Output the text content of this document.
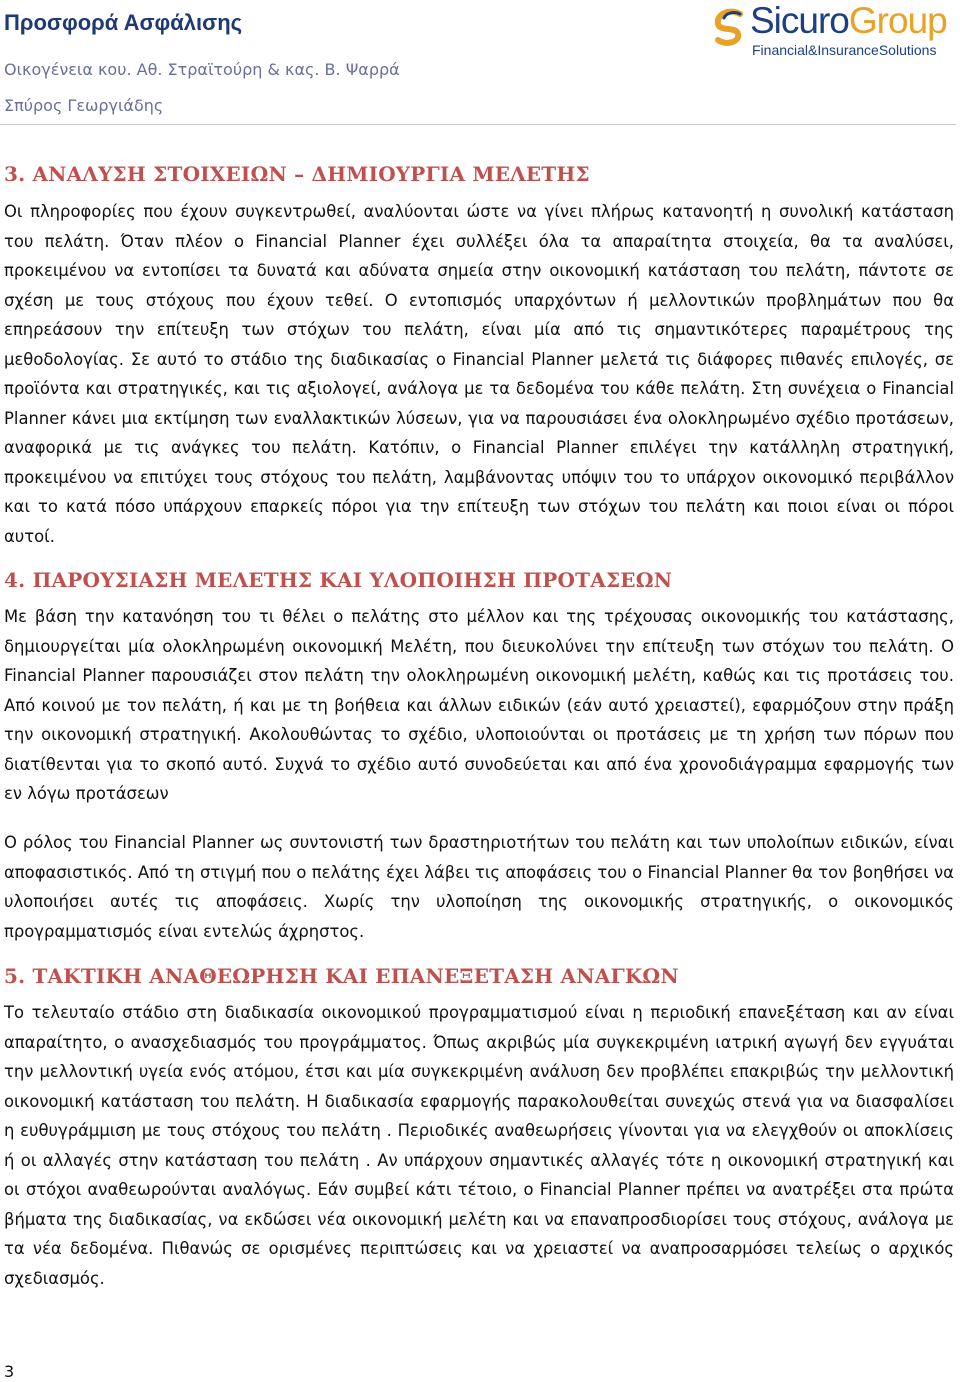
Προσφορά Ασφάλισης
Οικογένεια κου. Αθ. Στραϊτούρη & κας. Β. Ψαρρά
Σπύρος Γεωργιάδης
SicuroGroup
Financial&InsuranceSolutions
3. ΑΝΑΛΥΣΗ ΣΤΟΙΧΕΙΩΝ – ΔΗΜΙΟΥΡΓΙΑ ΜΕΛΕΤΗΣ
Οι πληροφορίες που έχουν συγκεντρωθεί, αναλύονται ώστε να γίνει πλήρως κατανοητή η συνολική κατάσταση του πελάτη. Όταν πλέον ο Financial Planner έχει συλλέξει όλα τα απαραίτητα στοιχεία, θα τα αναλύσει, προκειμένου να εντοπίσει τα δυνατά και αδύνατα σημεία στην οικονομική κατάσταση του πελάτη, πάντοτε σε σχέση με τους στόχους που έχουν τεθεί. Ο εντοπισμός υπαρχόντων ή μελλοντικών προβλημάτων που θα επηρεάσουν την επίτευξη των στόχων του πελάτη, είναι μία από τις σημαντικότερες παραμέτρους της μεθοδολογίας. Σε αυτό το στάδιο της διαδικασίας ο Financial Planner μελετά τις διάφορες πιθανές επιλογές, σε προϊόντα και στρατηγικές, και τις αξιολογεί, ανάλογα με τα δεδομένα του κάθε πελάτη. Στη συνέχεια ο Financial Planner κάνει μια εκτίμηση των εναλλακτικών λύσεων, για να παρουσιάσει ένα ολοκληρωμένο σχέδιο προτάσεων, αναφορικά με τις ανάγκες του πελάτη. Κατόπιν, ο Financial Planner επιλέγει την κατάλληλη στρατηγική, προκειμένου να επιτύχει τους στόχους του πελάτη, λαμβάνοντας υπόψιν του το υπάρχον οικονομικό περιβάλλον και το κατά πόσο υπάρχουν επαρκείς πόροι για την επίτευξη των στόχων του πελάτη και ποιοι είναι οι πόροι αυτοί.
4. ΠΑΡΟΥΣΙΑΣΗ ΜΕΛΕΤΗΣ ΚΑΙ ΥΛΟΠΟΙΗΣΗ ΠΡΟΤΑΣΕΩΝ
Με βάση την κατανόηση του τι θέλει ο πελάτης στο μέλλον και της τρέχουσας οικονομικής του κατάστασης, δημιουργείται μία ολοκληρωμένη οικονομική Μελέτη, που διευκολύνει την επίτευξη των στόχων του πελάτη. Ο Financial Planner παρουσιάζει στον πελάτη την ολοκληρωμένη οικονομική μελέτη, καθώς και τις προτάσεις του. Από κοινού με τον πελάτη, ή και με τη βοήθεια και άλλων ειδικών (εάν αυτό χρειαστεί), εφαρμόζουν στην πράξη την οικονομική στρατηγική. Ακολουθώντας το σχέδιο, υλοποιούνται οι προτάσεις με τη χρήση των πόρων που διατίθενται για το σκοπό αυτό. Συχνά το σχέδιο αυτό συνοδεύεται και από ένα χρονοδιάγραμμα εφαρμογής των εν λόγω προτάσεων
Ο ρόλος του Financial Planner ως συντονιστή των δραστηριοτήτων του πελάτη και των υπολοίπων ειδικών, είναι αποφασιστικός. Από τη στιγμή που ο πελάτης έχει λάβει τις αποφάσεις του ο Financial Planner θα τον βοηθήσει να υλοποιήσει αυτές τις αποφάσεις. Χωρίς την υλοποίηση της οικονομικής στρατηγικής, ο οικονομικός προγραμματισμός είναι εντελώς άχρηστος.
5. ΤΑΚΤΙΚΗ ΑΝΑΘΕΩΡΗΣΗ ΚΑΙ ΕΠΑΝΕΞΕΤΑΣΗ ΑΝΑΓΚΩΝ
Το τελευταίο στάδιο στη διαδικασία οικονομικού προγραμματισμού είναι η περιοδική επανεξέταση και αν είναι απαραίτητο, ο ανασχεδιασμός του προγράμματος. Όπως ακριβώς μία συγκεκριμένη ιατρική αγωγή δεν εγγυάται την μελλοντική υγεία ενός ατόμου, έτσι και μία συγκεκριμένη ανάλυση δεν προβλέπει επακριβώς την μελλοντική οικονομική κατάσταση του πελάτη. Η διαδικασία εφαρμογής παρακολουθείται συνεχώς στενά για να διασφαλίσει η ευθυγράμμιση με τους στόχους του πελάτη . Περιοδικές αναθεωρήσεις γίνονται για να ελεγχθούν οι αποκλίσεις ή οι αλλαγές στην κατάσταση του πελάτη . Αν υπάρχουν σημαντικές αλλαγές τότε η οικονομική στρατηγική και οι στόχοι αναθεωρούνται αναλόγως. Εάν συμβεί κάτι τέτοιο, ο Financial Planner πρέπει να ανατρέξει στα πρώτα βήματα της διαδικασίας, να εκδώσει νέα οικονομική μελέτη και να επαναπροσδιορίσει τους στόχους, ανάλογα με τα νέα δεδομένα. Πιθανώς σε ορισμένες περιπτώσεις και να χρειαστεί να αναπροσαρμόσει τελείως ο αρχικός σχεδιασμός.
3
